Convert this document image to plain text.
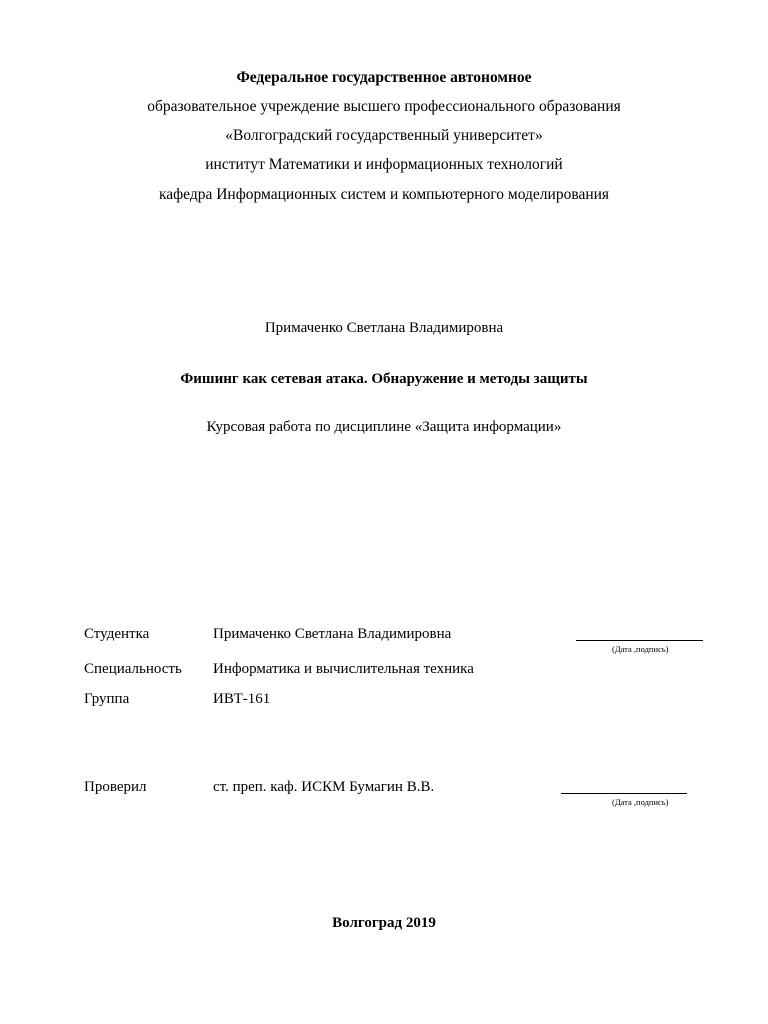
Федеральное государственное автономное
образовательное учреждение высшего профессионального образования
«Волгоградский государственный университет»
институт Математики и информационных технологий
кафедра Информационных систем и компьютерного моделирования
Примаченко Светлана Владимировна
Фишинг как сетевая атака. Обнаружение и методы защиты
Курсовая работа по дисциплине «Защита информации»
Студентка	Примаченко Светлана Владимировна
(Дата ,подпись)
Специальность Информатика и вычислительная техника
Группа	ИВТ-161
Проверил	ст. преп. каф. ИСКМ Бумагин В.В.
(Дата ,подпись)
Волгоград 2019
